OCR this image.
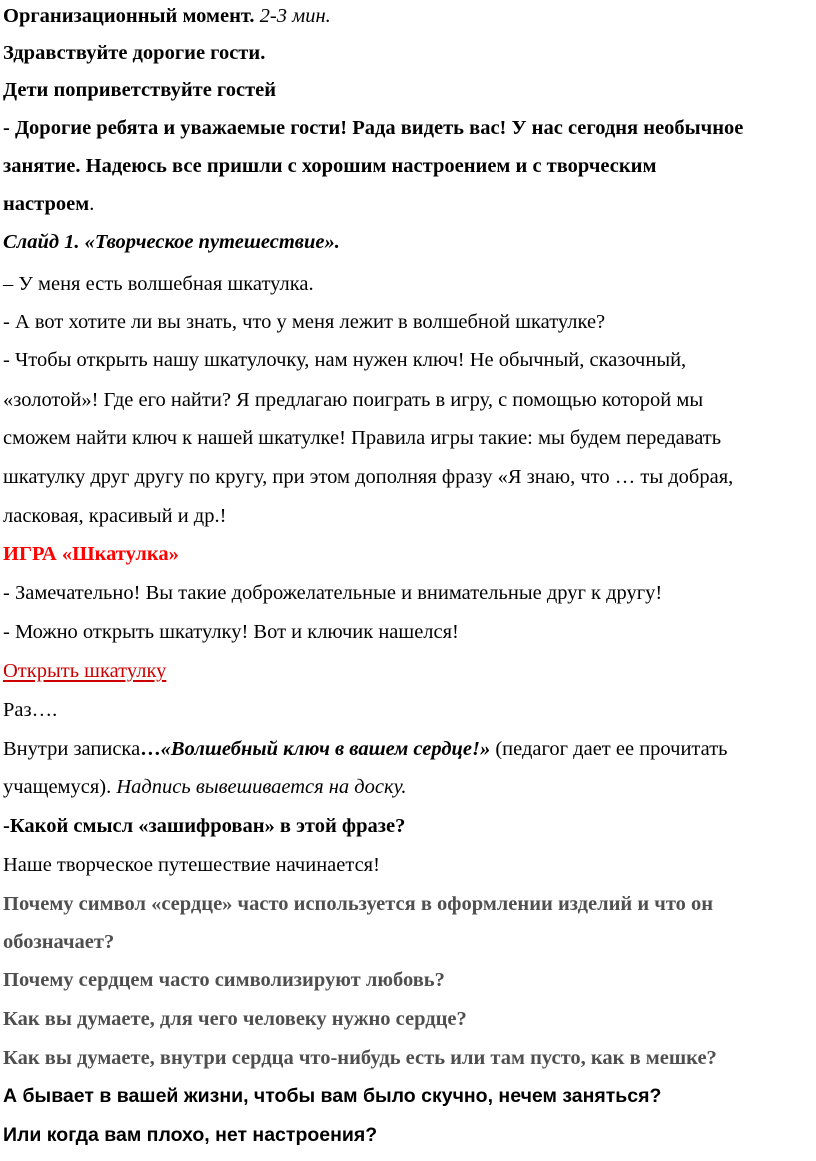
Организационный момент. 2-3 мин.
Здравствуйте дорогие гости.
Дети поприветствуйте гостей
- Дорогие ребята и уважаемые гости! Рада видеть вас! У нас сегодня необычное
занятие. Надеюсь все пришли с хорошим настроением и с творческим
настроем.
Слайд 1. «Творческое путешествие».
– У меня есть волшебная шкатулка.
- А вот хотите ли вы знать, что у меня лежит в волшебной шкатулке?
- Чтобы открыть нашу шкатулочку, нам нужен ключ! Не обычный, сказочный,
«золотой»! Где его найти? Я предлагаю поиграть в игру, с помощью которой мы
сможем найти ключ к нашей шкатулке! Правила игры такие: мы будем передавать
шкатулку друг другу по кругу, при этом дополняя фразу «Я знаю, что … ты добрая,
ласковая, красивый и др.!
ИГРА «Шкатулка»
- Замечательно! Вы такие доброжелательные и внимательные друг к другу!
- Можно открыть шкатулку! Вот и ключик нашелся!
Открыть шкатулку
Раз….
Внутри записка…«Волшебный ключ в вашем сердце!» (педагог дает ее прочитать
учащемуся). Надпись вывешивается на доску.
-Какой смысл «зашифрован» в этой фразе?
Наше творческое путешествие начинается!
Почему символ «сердце» часто используется в оформлении изделий и что он
обозначает?
Почему сердцем часто символизируют любовь?
Как вы думаете, для чего человеку нужно сердце?
Как вы думаете, внутри сердца что-нибудь есть или там пусто, как в мешке?
А бывает в вашей жизни, чтобы вам было скучно, нечем заняться?
Или когда вам плохо, нет настроения?
